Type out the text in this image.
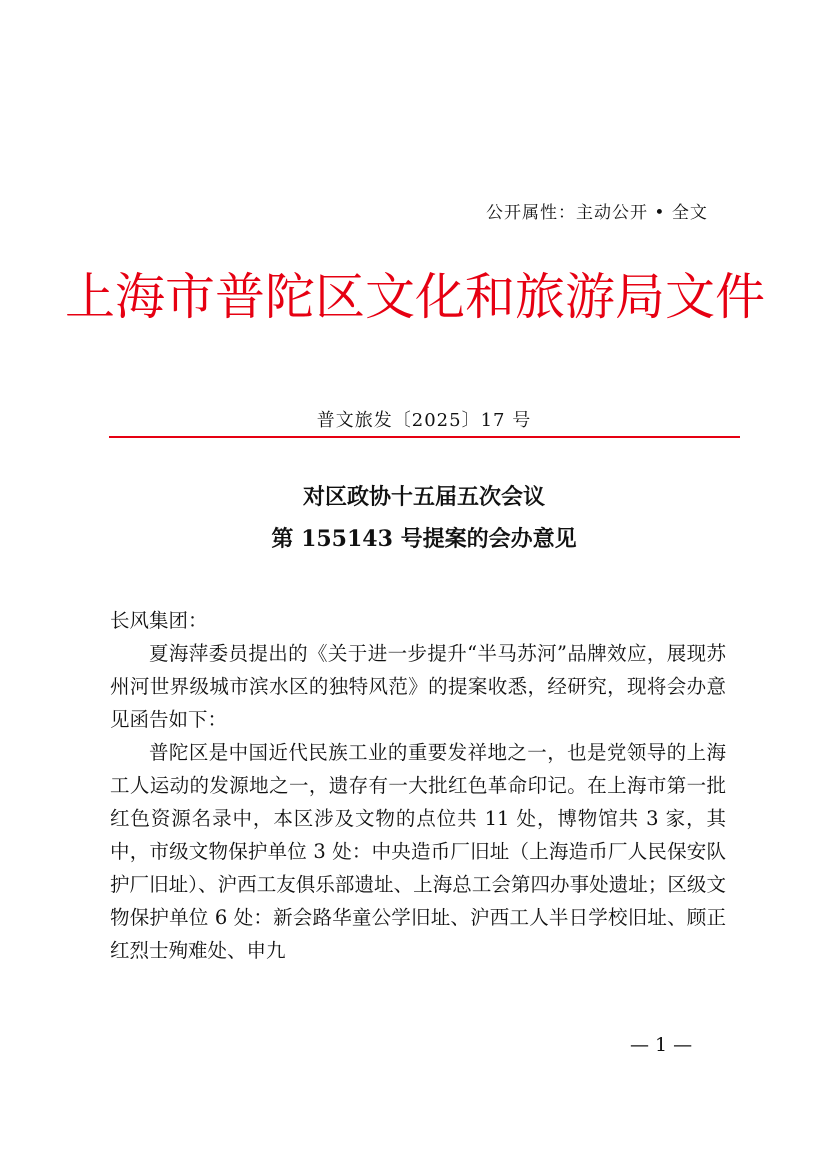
公开属性：主动公开 • 全文
上海市普陀区文化和旅游局文件
普文旅发〔2025〕17 号
对区政协十五届五次会议
第 155143 号提案的会办意见

长风集团：

夏海萍委员提出的《关于进一步提升“半马苏河”品牌效应，展现苏州河世界级城市滨水区的独特风范》的提案收悉，经研究，现将会办意见函告如下：

普陀区是中国近代民族工业的重要发祥地之一，也是党领导的上海工人运动的发源地之一，遗存有一大批红色革命印记。在上海市第一批红色资源名录中，本区涉及文物的点位共 11 处，博物馆共 3 家，其中，市级文物保护单位 3 处：中央造币厂旧址（上海造币厂人民保安队护厂旧址）、沪西工友俱乐部遗址、上海总工会第四办事处遗址；区级文物保护单位 6 处：新会路华童公学旧址、沪西工人半日学校旧址、顾正红烈士殉难处、申九

— 1 —
